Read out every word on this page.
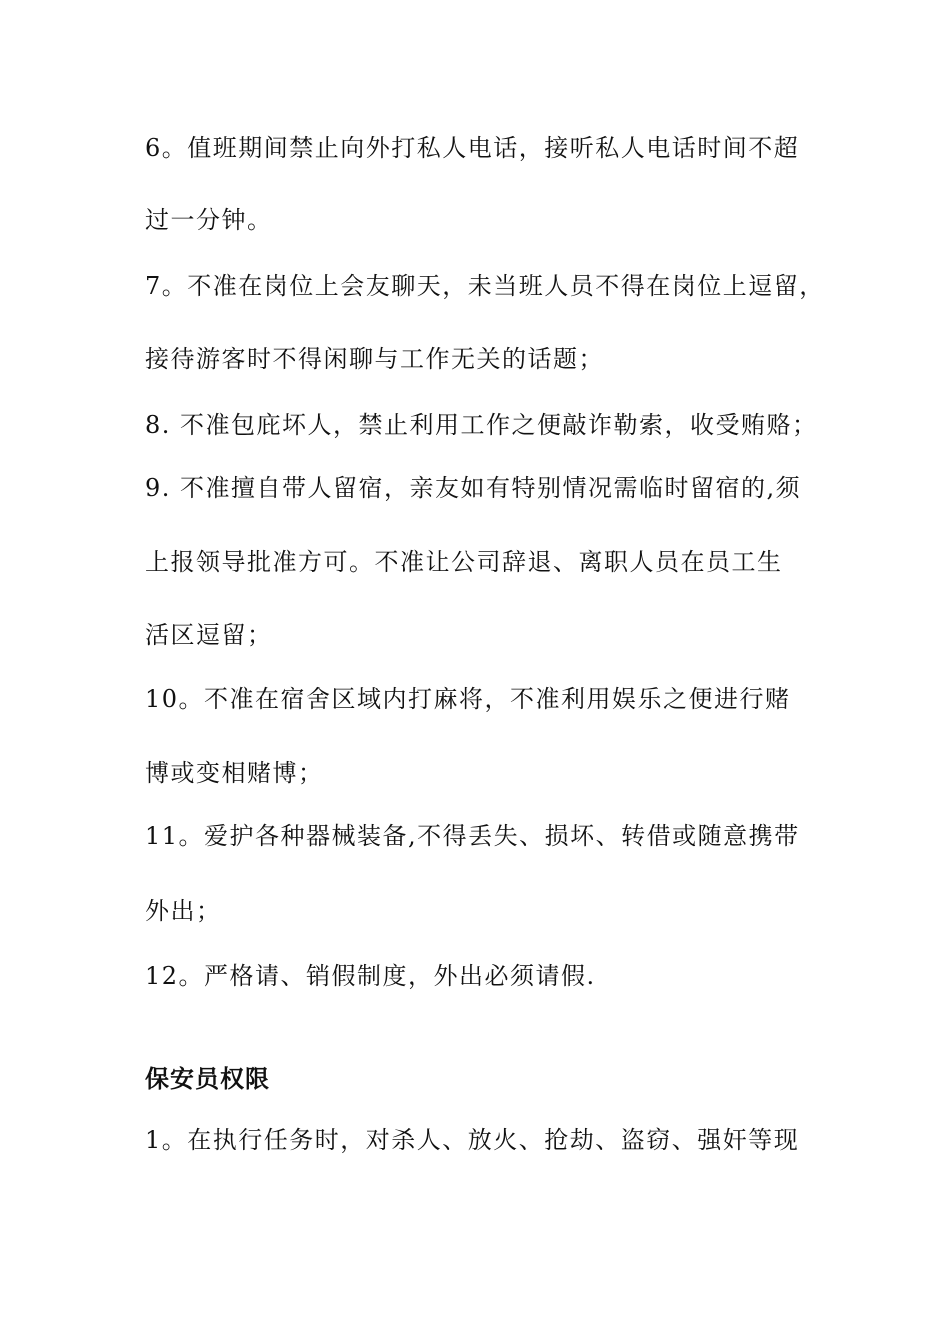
6。值班期间禁止向外打私人电话，接听私人电话时间不超
过一分钟。
7。不准在岗位上会友聊天，未当班人员不得在岗位上逗留，
接待游客时不得闲聊与工作无关的话题；
8. 不准包庇坏人，禁止利用工作之便敲诈勒索，收受贿赂；
9. 不准擅自带人留宿，亲友如有特别情况需临时留宿的,须
上报领导批准方可。不准让公司辞退、离职人员在员工生
活区逗留；
10。不准在宿舍区域内打麻将，不准利用娱乐之便进行赌
博或变相赌博；
11。爱护各种器械装备,不得丢失、损坏、转借或随意携带
外出；
12。严格请、销假制度，外出必须请假.
保安员权限
1。在执行任务时，对杀人、放火、抢劫、盗窃、强奸等现
